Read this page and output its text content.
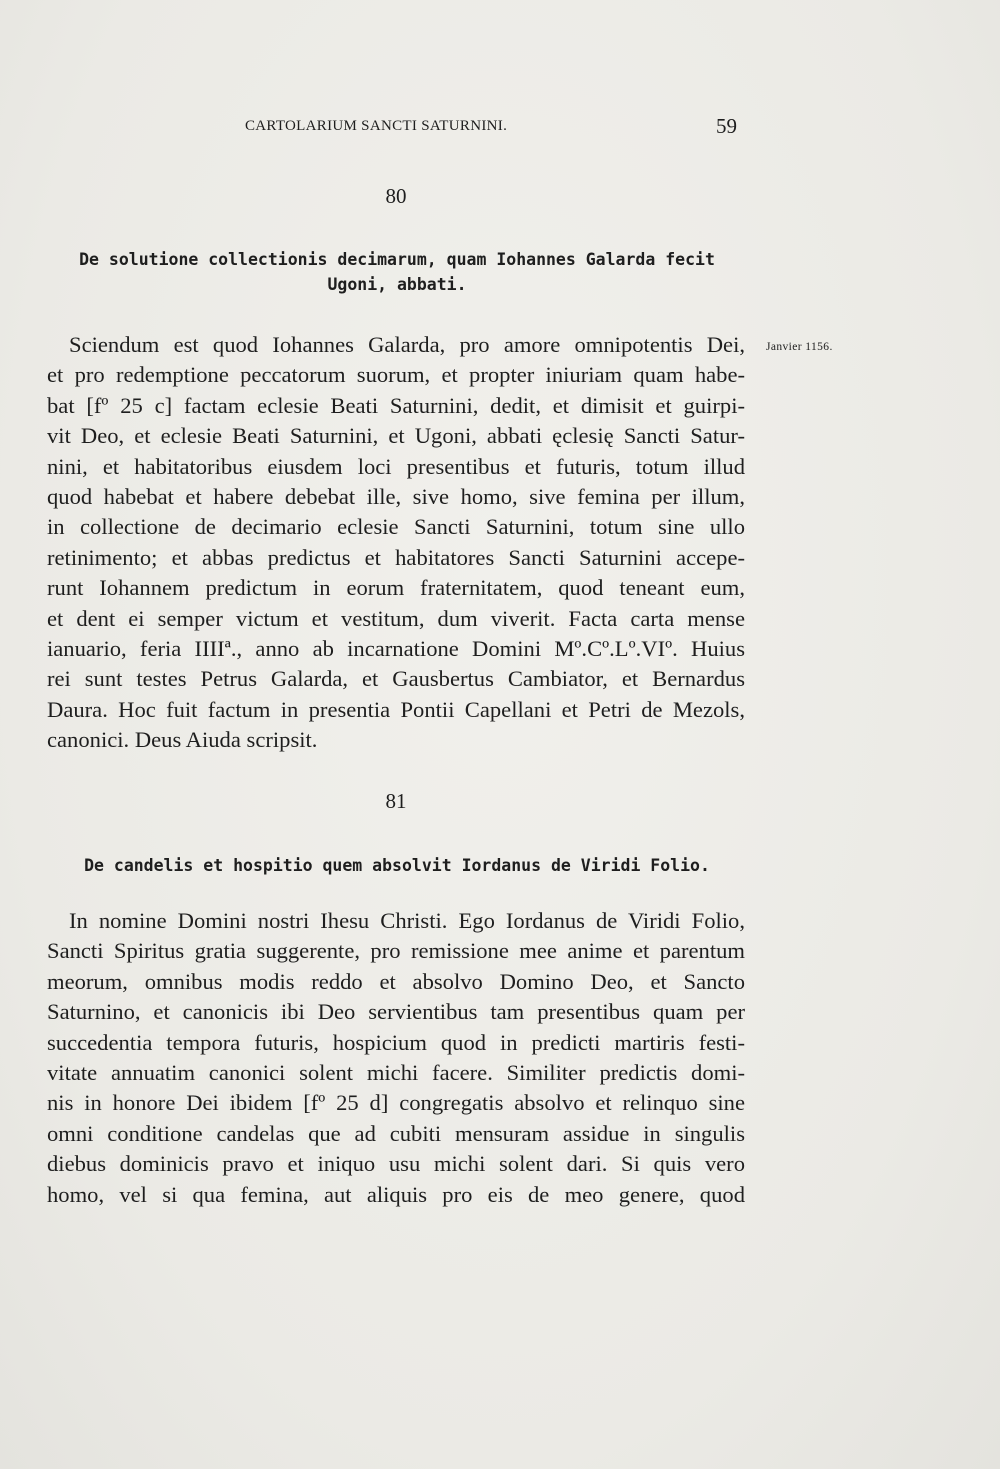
CARTOLARIUM SANCTI SATURNINI.	59
80
De solutione collectionis decimarum, quam Iohannes Galarda fecit
Ugoni, abbati.
Janvier 1156.
Sciendum est quod Iohannes Galarda, pro amore omnipotentis Dei,
et pro redemptione peccatorum suorum, et propter iniuriam quam habe-
bat [fº 25 c] factam eclesie Beati Saturnini, dedit, et dimisit et guirpi-
vit Deo, et eclesie Beati Saturnini, et Ugoni, abbati ęclesię Sancti Satur-
nini, et habitatoribus eiusdem loci presentibus et futuris, totum illud
quod habebat et habere debebat ille, sive homo, sive femina per illum,
in collectione de decimario eclesie Sancti Saturnini, totum sine ullo
retinimento; et abbas predictus et habitatores Sancti Saturnini accepe-
runt Iohannem predictum in eorum fraternitatem, quod teneant eum,
et dent ei semper victum et vestitum, dum viverit. Facta carta mense
ianuario, feria IIIIª., anno ab incarnatione Domini Mº.Cº.Lº.VIº. Huius
rei sunt testes Petrus Galarda, et Gausbertus Cambiator, et Bernardus
Daura. Hoc fuit factum in presentia Pontii Capellani et Petri de Mezols,
canonici. Deus Aiuda scripsit.
81
De candelis et hospitio quem absolvit Iordanus de Viridi Folio.
In nomine Domini nostri Ihesu Christi. Ego Iordanus de Viridi Folio,
Sancti Spiritus gratia suggerente, pro remissione mee anime et parentum
meorum, omnibus modis reddo et absolvo Domino Deo, et Sancto
Saturnino, et canonicis ibi Deo servientibus tam presentibus quam per
succedentia tempora futuris, hospicium quod in predicti martiris festi-
vitate annuatim canonici solent michi facere. Similiter predictis domi-
nis in honore Dei ibidem [fº 25 d] congregatis absolvo et relinquo sine
omni conditione candelas que ad cubiti mensuram assidue in singulis
diebus dominicis pravo et iniquo usu michi solent dari. Si quis vero
homo, vel si qua femina, aut aliquis pro eis de meo genere, quod
